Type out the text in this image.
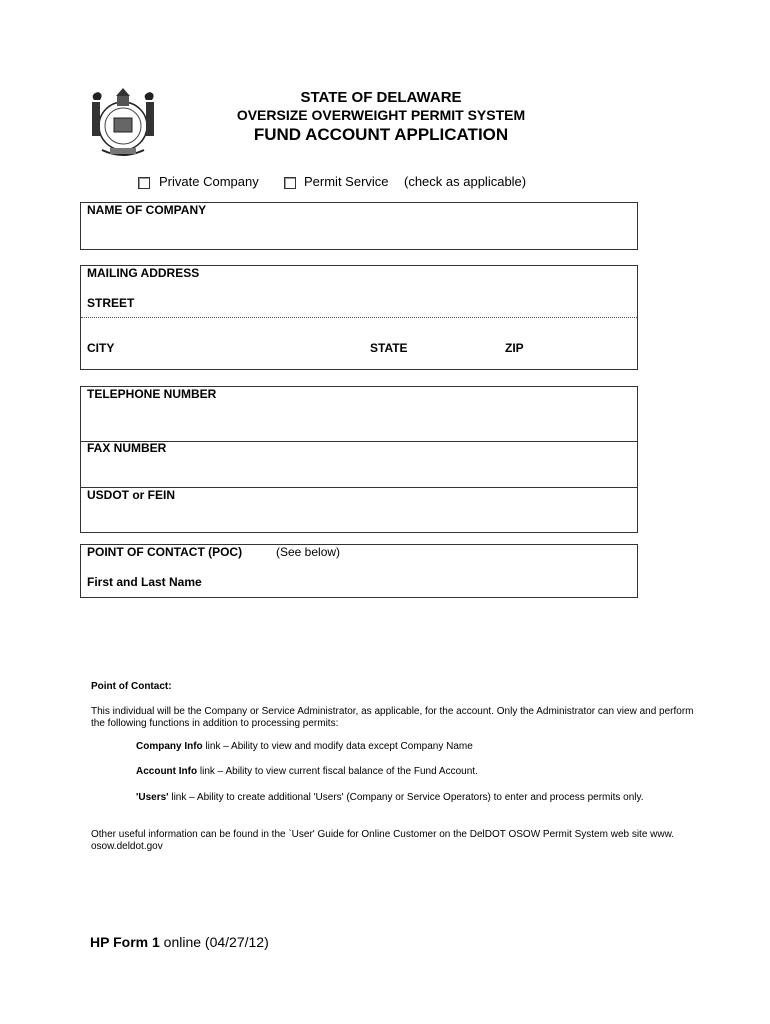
STATE OF DELAWARE
OVERSIZE OVERWEIGHT PERMIT SYSTEM
FUND ACCOUNT APPLICATION
Private Company	Permit Service (check as applicable)
NAME OF COMPANY
MAILING ADDRESS
STREET
CITY	STATE	ZIP
TELEPHONE NUMBER
FAX NUMBER
USDOT or FEIN
POINT OF CONTACT (POC)	(See below)
First and Last Name
Point of Contact:
This individual will be the Company or Service Administrator, as applicable, for the account. Only the Administrator can view and perform the following functions in addition to processing permits:
Company Info link – Ability to view and modify data except Company Name
Account Info link – Ability to view current fiscal balance of the Fund Account.
'Users' link – Ability to create additional 'Users' (Company or Service Operators) to enter and process permits only.
Other useful information can be found in the `User' Guide for Online Customer on the DelDOT OSOW Permit System web site www. osow.deldot.gov
HP Form 1 online (04/27/12)
